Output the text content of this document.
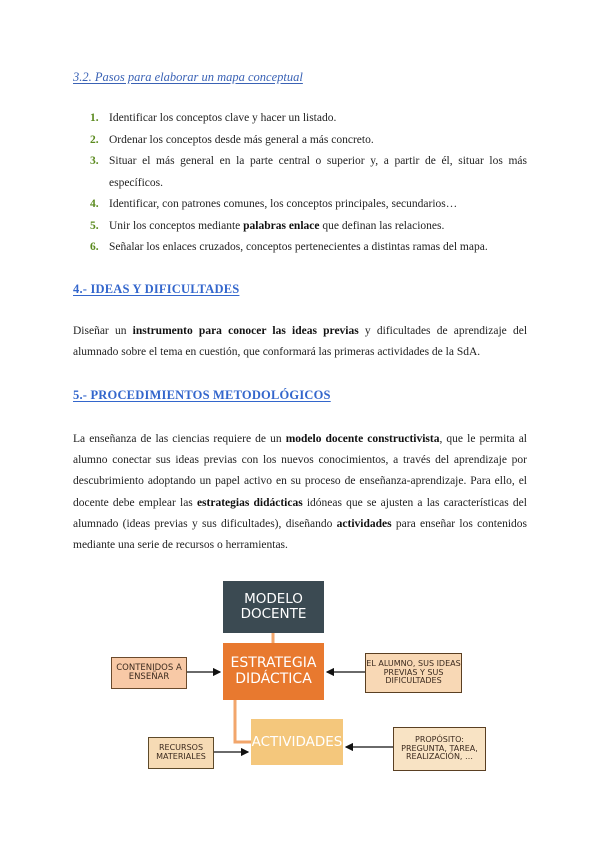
3.2. Pasos para elaborar un mapa conceptual
1. Identificar los conceptos clave y hacer un listado.
2. Ordenar los conceptos desde más general a más concreto.
3. Situar el más general en la parte central o superior y, a partir de él, situar los más específicos.
4. Identificar, con patrones comunes, los conceptos principales, secundarios…
5. Unir los conceptos mediante palabras enlace que definan las relaciones.
6. Señalar los enlaces cruzados, conceptos pertenecientes a distintas ramas del mapa.
4.- IDEAS Y DIFICULTADES

Diseñar un instrumento para conocer las ideas previas y dificultades de aprendizaje del alumnado sobre el tema en cuestión, que conformará las primeras actividades de la SdA.

5.- PROCEDIMIENTOS METODOLÓGICOS

La enseñanza de las ciencias requiere de un modelo docente constructivista, que le permita al alumno conectar sus ideas previas con los nuevos conocimientos, a través del aprendizaje por descubrimiento adoptando un papel activo en su proceso de enseñanza-aprendizaje. Para ello, el docente debe emplear las estrategias didácticas idóneas que se ajusten a las características del alumnado (ideas previas y sus dificultades), diseñando actividades para enseñar los contenidos mediante una serie de recursos o herramientas.

MODELO DOCENTE
ESTRATEGIA DIDÁCTICA
ACTIVIDADES
CONTENIDOS A ENSEÑAR
EL ALUMNO, SUS IDEAS PREVIAS Y SUS DIFICULTADES
RECURSOS MATERIALES
PROPÓSITO: PREGUNTA, TAREA, REALIZACIÓN, …
